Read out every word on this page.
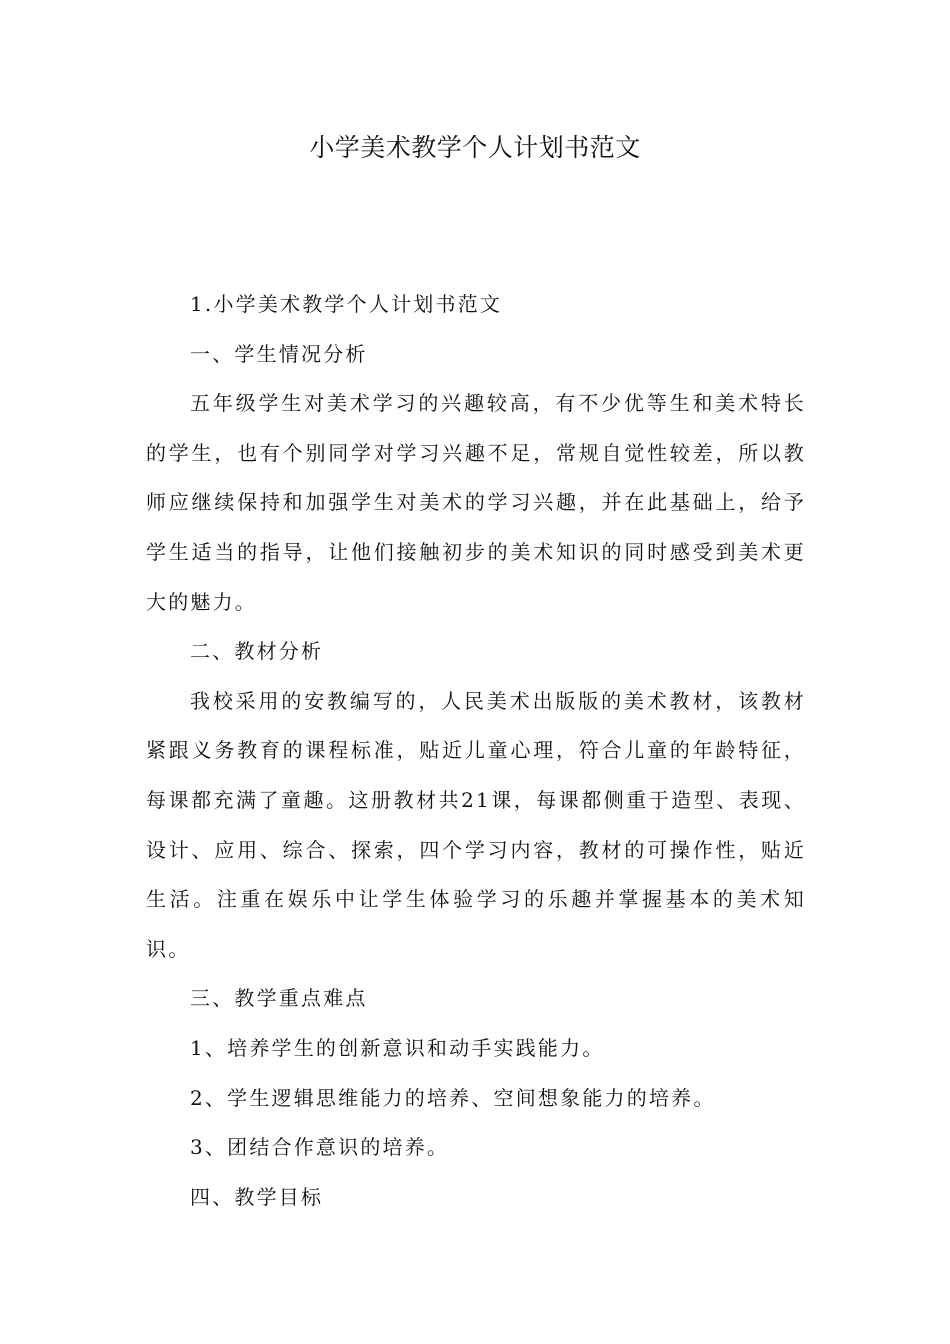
小学美术教学个人计划书范文

1.小学美术教学个人计划书范文

一、学生情况分析

五年级学生对美术学习的兴趣较高，有不少优等生和美术特长的学生，也有个别同学对学习兴趣不足，常规自觉性较差，所以教师应继续保持和加强学生对美术的学习兴趣，并在此基础上，给予学生适当的指导，让他们接触初步的美术知识的同时感受到美术更大的魅力。

二、教材分析

我校采用的安教编写的，人民美术出版版的美术教材，该教材紧跟义务教育的课程标准，贴近儿童心理，符合儿童的年龄特征，每课都充满了童趣。这册教材共21课，每课都侧重于造型、表现、设计、应用、综合、探索，四个学习内容，教材的可操作性，贴近生活。注重在娱乐中让学生体验学习的乐趣并掌握基本的美术知识。

三、教学重点难点

1、培养学生的创新意识和动手实践能力。

2、学生逻辑思维能力的培养、空间想象能力的培养。

3、团结合作意识的培养。

四、教学目标
